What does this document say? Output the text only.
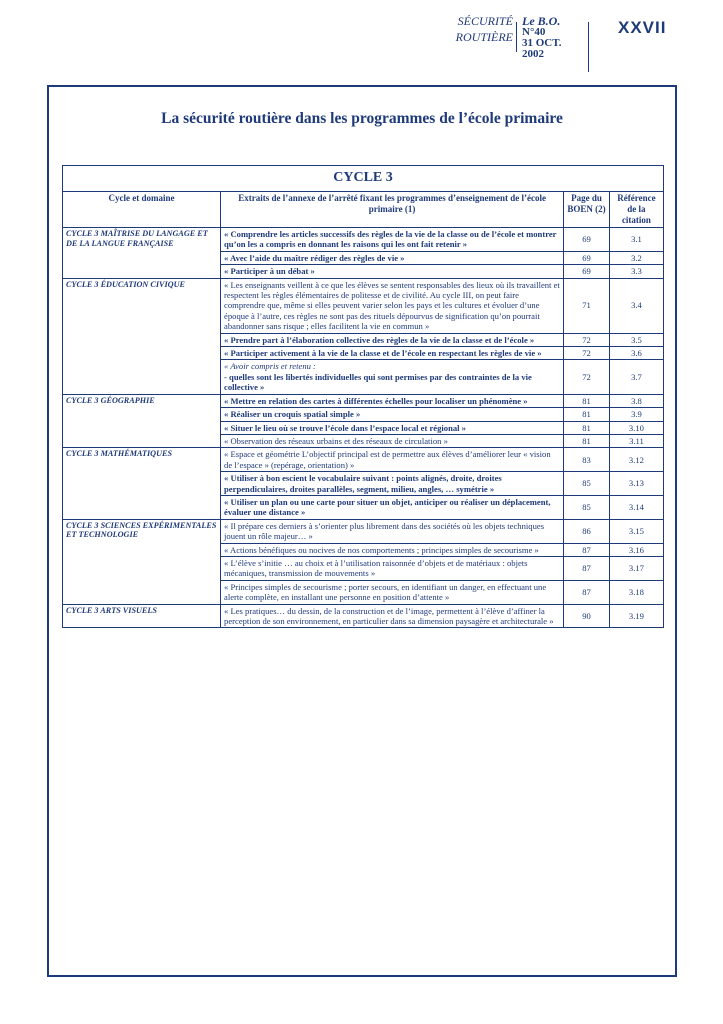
SÉCURITÉ
ROUTIÈRE
Le B.O.
N°40
31 OCT.
2002
XXVII
La sécurité routière dans les programmes de l’école primaire
CYCLE 3			
Cycle et domaine	Extraits de l’annexe de l’arrêté fixant les programmes d’enseignement de l’école primaire (1)	Page du BOEN (2)	Référence de la citation
CYCLE 3 MAÎTRISE DU LANGAGE ET DE LA LANGUE FRANÇAISE	« Comprendre les articles successifs des règles de la vie de la classe ou de l’école et montrer qu’on les a compris en donnant les raisons qui les ont fait retenir »	69	3.1
	« Avec l’aide du maître rédiger des règles de vie »	69	3.2
	« Participer à un débat »	69	3.3
CYCLE 3 ÉDUCATION CIVIQUE	« Les enseignants veillent à ce que les élèves se sentent responsables des lieux où ils travaillent et respectent les règles élémentaires de politesse et de civilité. Au cycle III, on peut faire comprendre que, même si elles peuvent varier selon les pays et les cultures et évoluer d’une époque à l’autre, ces règles ne sont pas des rituels dépourvus de signification qu’on pourrait abandonner sans risque ; elles facilitent la vie en commun »	71	3.4
	« Prendre part à l’élaboration collective des règles de la vie de la classe et de l’école »	72	3.5
	« Participer activement à la vie de la classe et de l’école en respectant les règles de vie »	72	3.6

	« Avoir compris et retenu :
- quelles sont les libertés individuelles qui sont permises par des contraintes de la vie collective »	72	3.7
CYCLE 3 GÉOGRAPHIE	« Mettre en relation des cartes à différentes échelles pour localiser un phénomène »	81	3.8
	« Réaliser un croquis spatial simple »	81	3.9
	« Situer le lieu où se trouve l’école dans l’espace local et régional »	81	3.10
	« Observation des réseaux urbains et des réseaux de circulation »	81	3.11
CYCLE 3 MATHÉMATIQUES	« Espace et géométrie L’objectif principal est de permettre aux élèves d’améliorer leur « vision de l’espace » (repérage, orientation) »	83	3.12
	« Utiliser à bon escient le vocabulaire suivant : points alignés, droite, droites perpendiculaires, droites parallèles, segment, milieu, angles, … symétrie »	85	3.13
	« Utiliser un plan ou une carte pour situer un objet, anticiper ou réaliser un déplacement, évaluer une distance »	85	3.14
CYCLE 3 SCIENCES EXPÉRIMENTALES ET TECHNOLOGIE	« Il prépare ces derniers à s’orienter plus librement dans des sociétés où les objets techniques jouent un rôle majeur… »	86	3.15
	« Actions bénéfiques ou nocives de nos comportements ; principes simples de secourisme »	87	3.16
	« L’élève s’initie … au choix et à l’utilisation raisonnée d’objets et de matériaux : objets mécaniques, transmission de mouvements »	87	3.17
	« Principes simples de secourisme ; porter secours, en identifiant un danger, en effectuant une alerte complète, en installant une personne en position d’attente »	87	3.18
CYCLE 3 ARTS VISUELS	« Les pratiques… du dessin, de la construction et de l’image, permettent à l’élève d’affiner la perception de son environnement, en particulier dans sa dimension paysagère et architecturale »	90	3.19
